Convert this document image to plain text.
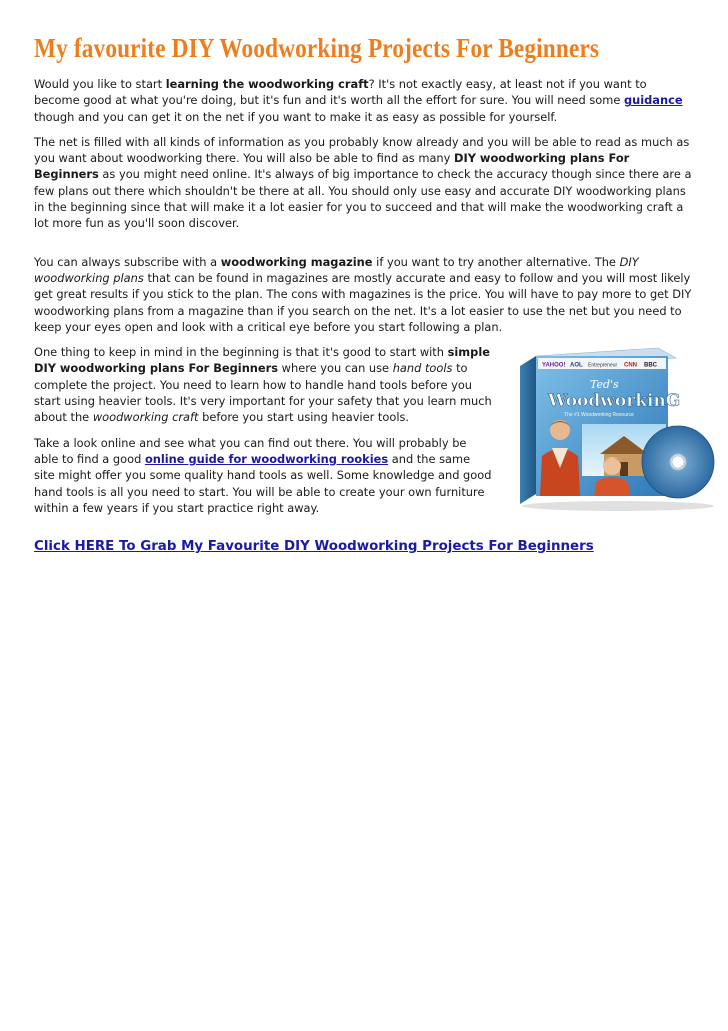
My favourite DIY Woodworking Projects For Beginners

Would you like to start learning the woodworking craft? It's not exactly easy, at least not if you want to become good at what you're doing, but it's fun and it's worth all the effort for sure. You will need some guidance though and you can get it on the net if you want to make it as easy as possible for yourself.

The net is filled with all kinds of information as you probably know already and you will be able to read as much as you want about woodworking there. You will also be able to find as many DIY woodworking plans For Beginners as you might need online. It's always of big importance to check the accuracy though since there are a few plans out there which shouldn't be there at all. You should only use easy and accurate DIY woodworking plans in the beginning since that will make it a lot easier for you to succeed and that will make the woodworking craft a lot more fun as you'll soon discover.

You can always subscribe with a woodworking magazine if you want to try another alternative. The DIY woodworking plans that can be found in magazines are mostly accurate and easy to follow and you will most likely get great results if you stick to the plan. The cons with magazines is the price. You will have to pay more to get DIY woodworking plans from a magazine than if you search on the net. It's a lot easier to use the net but you need to keep your eyes open and look with a critical eye before you start following a plan.

One thing to keep in mind in the beginning is that it's good to start with simple DIY woodworking plans For Beginners where you can use hand tools to complete the project. You need to learn how to handle hand tools before you start using heavier tools. It's very important for your safety that you learn much about the woodworking craft before you start using heavier tools.

Take a look online and see what you can find out there. You will probably be able to find a good online guide for woodworking rookies and the same site might offer you some quality hand tools as well. Some knowledge and good hand tools is all you need to start. You will be able to create your own furniture within a few years if you start practice right away.

YAHOO! AOL Entrepreneur CNN BBC
Ted's
WoodworkinG
The #1 Woodworking Resource

Click HERE To Grab My Favourite DIY Woodworking Projects For Beginners
